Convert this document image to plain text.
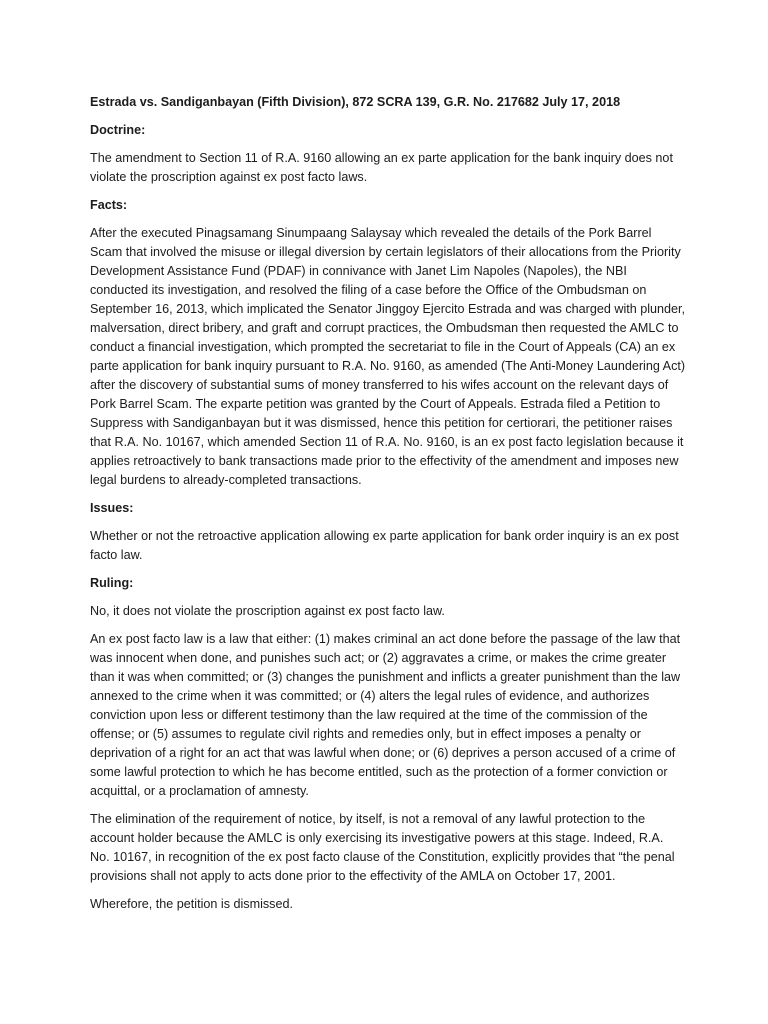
Estrada vs. Sandiganbayan (Fifth Division), 872 SCRA 139, G.R. No. 217682 July 17, 2018

Doctrine:

The amendment to Section 11 of R.A. 9160 allowing an ex parte application for the bank inquiry does not violate the proscription against ex post facto laws.

Facts:

After the executed Pinagsamang Sinumpaang Salaysay which revealed the details of the Pork Barrel Scam that involved the misuse or illegal diversion by certain legislators of their allocations from the Priority Development Assistance Fund (PDAF) in connivance with Janet Lim Napoles (Napoles), the NBI conducted its investigation, and resolved the filing of a case before the Office of the Ombudsman on September 16, 2013, which implicated the Senator Jinggoy Ejercito Estrada and was charged with plunder, malversation, direct bribery, and graft and corrupt practices, the Ombudsman then requested the AMLC to conduct a financial investigation, which prompted the secretariat to file in the Court of Appeals (CA) an ex parte application for bank inquiry pursuant to R.A. No. 9160, as amended (The Anti-Money Laundering Act) after the discovery of substantial sums of money transferred to his wifes account on the relevant days of Pork Barrel Scam. The exparte petition was granted by the Court of Appeals. Estrada filed a Petition to Suppress with Sandiganbayan but it was dismissed, hence this petition for certiorari, the petitioner raises that R.A. No. 10167, which amended Section 11 of R.A. No. 9160, is an ex post facto legislation because it applies retroactively to bank transactions made prior to the effectivity of the amendment and imposes new legal burdens to already-completed transactions.

Issues:

Whether or not the retroactive application allowing ex parte application for bank order inquiry is an ex post facto law.

Ruling:

No, it does not violate the proscription against ex post facto law.

An ex post facto law is a law that either: (1) makes criminal an act done before the passage of the law that was innocent when done, and punishes such act; or (2) aggravates a crime, or makes the crime greater than it was when committed; or (3) changes the punishment and inflicts a greater punishment than the law annexed to the crime when it was committed; or (4) alters the legal rules of evidence, and authorizes conviction upon less or different testimony than the law required at the time of the commission of the offense; or (5) assumes to regulate civil rights and remedies only, but in effect imposes a penalty or deprivation of a right for an act that was lawful when done; or (6) deprives a person accused of a crime of some lawful protection to which he has become entitled, such as the protection of a former conviction or acquittal, or a proclamation of amnesty.

The elimination of the requirement of notice, by itself, is not a removal of any lawful protection to the account holder because the AMLC is only exercising its investigative powers at this stage. Indeed, R.A. No. 10167, in recognition of the ex post facto clause of the Constitution, explicitly provides that “the penal provisions shall not apply to acts done prior to the effectivity of the AMLA on October 17, 2001.

Wherefore, the petition is dismissed.
